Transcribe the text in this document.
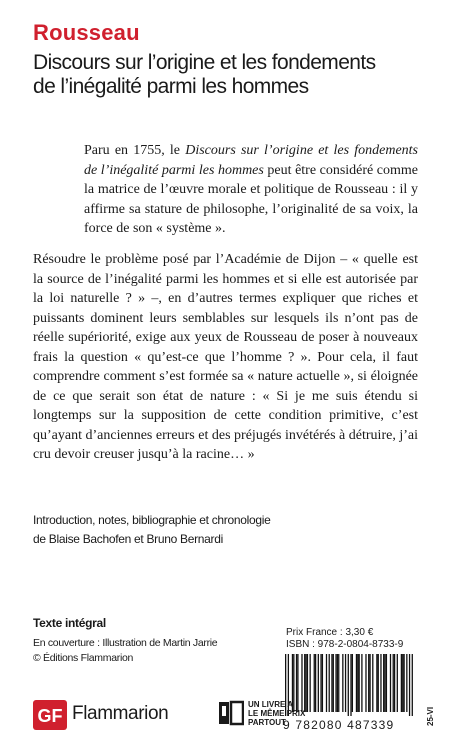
Rousseau
Discours sur l’origine et les fondements
de l’inégalité parmi les hommes

Paru en 1755, le Discours sur l’origine et les fondements de l’inégalité parmi les hommes peut être considéré comme la matrice de l’œuvre morale et politique de Rousseau : il y affirme sa stature de philosophe, l’originalité de sa voix, la force de son « système ».

Résoudre le problème posé par l’Académie de Dijon – « quelle est la source de l’inégalité parmi les hommes et si elle est autorisée par la loi naturelle ? » –, en d’autres termes expliquer que riches et puissants dominent leurs semblables sur lesquels ils n’ont pas de réelle supériorité, exige aux yeux de Rousseau de poser à nouveaux frais la question « qu’est-ce que l’homme ? ». Pour cela, il faut comprendre comment s’est formée sa « nature actuelle », si éloignée de ce que serait son état de nature : « Si je me suis étendu si longtemps sur la supposition de cette condition primitive, c’est qu’ayant d’anciennes erreurs et des préjugés invétérés à détruire, j’ai cru devoir creuser jusqu’à la racine… »

Introduction, notes, bibliographie et chronologie
de Blaise Bachofen et Bruno Bernardi
Texte intégral
En couverture : Illustration de Martin Jarrie
© Éditions Flammarion
Prix France : 3,30 €
ISBN : 978-2-0804-8733-9
9 782080 487339
GF Flammarion	UN LIVRE A
LE MÊME PRIX
PARTOUT	25-VI
